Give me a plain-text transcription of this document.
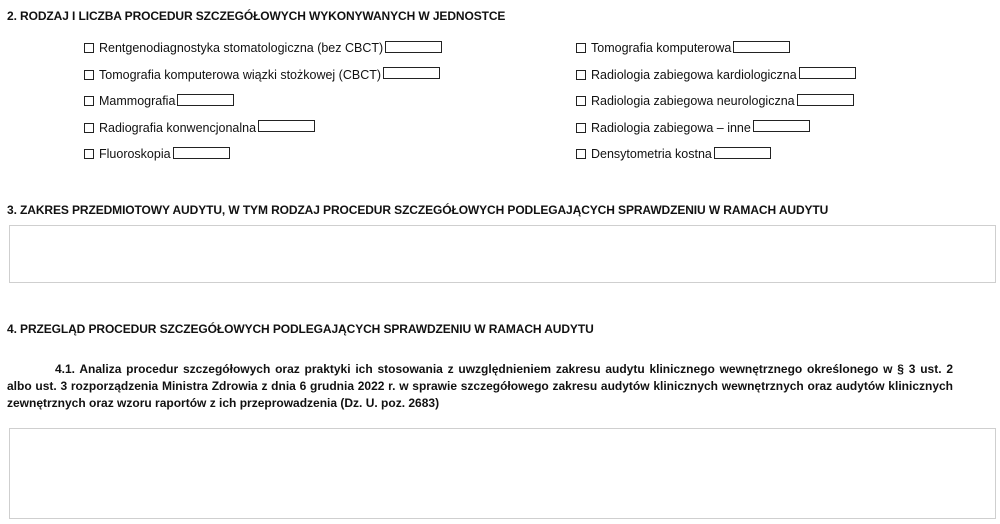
2. RODZAJ I LICZBA PROCEDUR SZCZEGÓŁOWYCH WYKONYWANYCH W JEDNOSTCE
Rentgenodiagnostyka stomatologiczna (bez CBCT)
Tomografia komputerowa wiązki stożkowej (CBCT)
Mammografia
Radiografia konwencjonalna
Fluoroskopia
Tomografia komputerowa
Radiologia zabiegowa kardiologiczna
Radiologia zabiegowa neurologiczna
Radiologia zabiegowa – inne
Densytometria kostna
3. ZAKRES PRZEDMIOTOWY AUDYTU, W TYM RODZAJ PROCEDUR SZCZEGÓŁOWYCH PODLEGAJĄCYCH SPRAWDZENIU W RAMACH AUDYTU
4. PRZEGLĄD PROCEDUR SZCZEGÓŁOWYCH PODLEGAJĄCYCH SPRAWDZENIU W RAMACH AUDYTU

4.1. Analiza procedur szczegółowych oraz praktyki ich stosowania z uwzględnieniem zakresu audytu klinicznego wewnętrznego określonego w § 3 ust. 2 albo ust. 3 rozporządzenia Ministra Zdrowia z dnia 6 grudnia 2022 r. w sprawie szczegółowego zakresu audytów klinicznych wewnętrznych oraz audytów klinicznych zewnętrznych oraz wzoru raportów z ich przeprowadzenia (Dz. U. poz. 2683)
